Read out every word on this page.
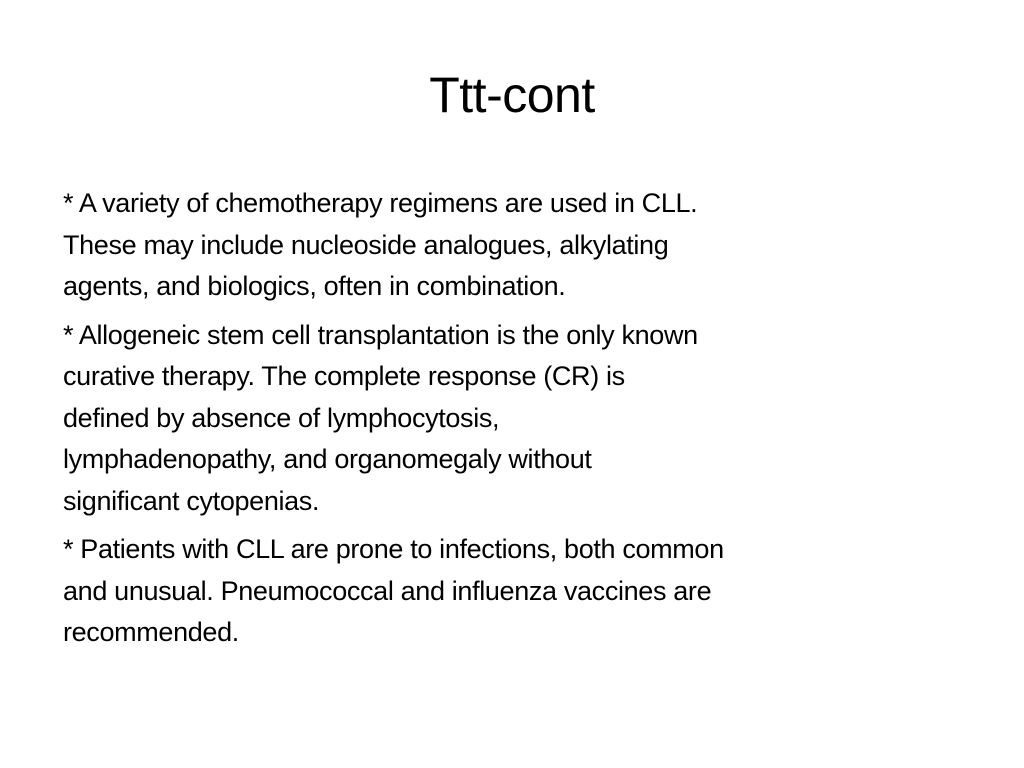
Ttt-cont

* A variety of chemotherapy regimens are used in CLL.
These may include nucleoside analogues, alkylating
agents, and biologics, often in combination.

* Allogeneic stem cell transplantation is the only known
curative therapy. The complete response (CR) is
defined by absence of lymphocytosis,
lymphadenopathy, and organomegaly without
significant cytopenias.

* Patients with CLL are prone to infections, both common
and unusual. Pneumococcal and influenza vaccines are
recommended.
